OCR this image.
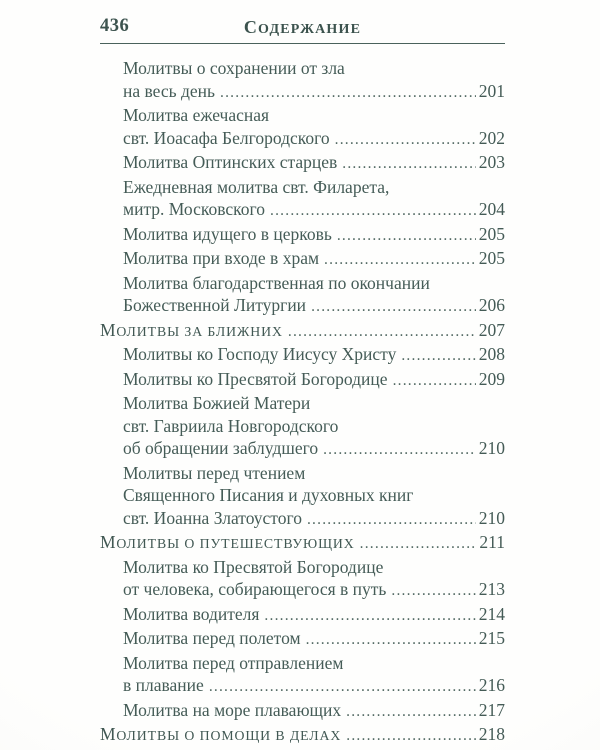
436	СОДЕРЖАНИЕ
Молитвы о сохранении от зла
на весь день .....	201
Молитва ежечасная
свт. Иоасафа Белгородского .....	202
Молитва Оптинских старцев .....	203
Ежедневная молитва свт. Филарета,
митр. Московского .....	204
Молитва идущего в церковь .....	205
Молитва при входе в храм .....	205
Молитва благодарственная по окончании
Божественной Литургии .....	206
МОЛИТВЫ ЗА БЛИЖНИХ .....	207
Молитвы ко Господу Иисусу Христу .....	208
Молитвы ко Пресвятой Богородице .....	209
Молитва Божией Матери
свт. Гавриила Новгородского
об обращении заблудшего .....	210
Молитвы перед чтением
Священного Писания и духовных книг
свт. Иоанна Златоустого .....	210
МОЛИТВЫ О ПУТЕШЕСТВУЮЩИХ .....	211
Молитва ко Пресвятой Богородице
от человека, собирающегося в путь .....	213
Молитва водителя .....	214
Молитва перед полетом .....	215
Молитва перед отправлением
в плавание .....	216
Молитва на море плавающих .....	217
МОЛИТВЫ О ПОМОЩИ В ДЕЛАХ .....	218
